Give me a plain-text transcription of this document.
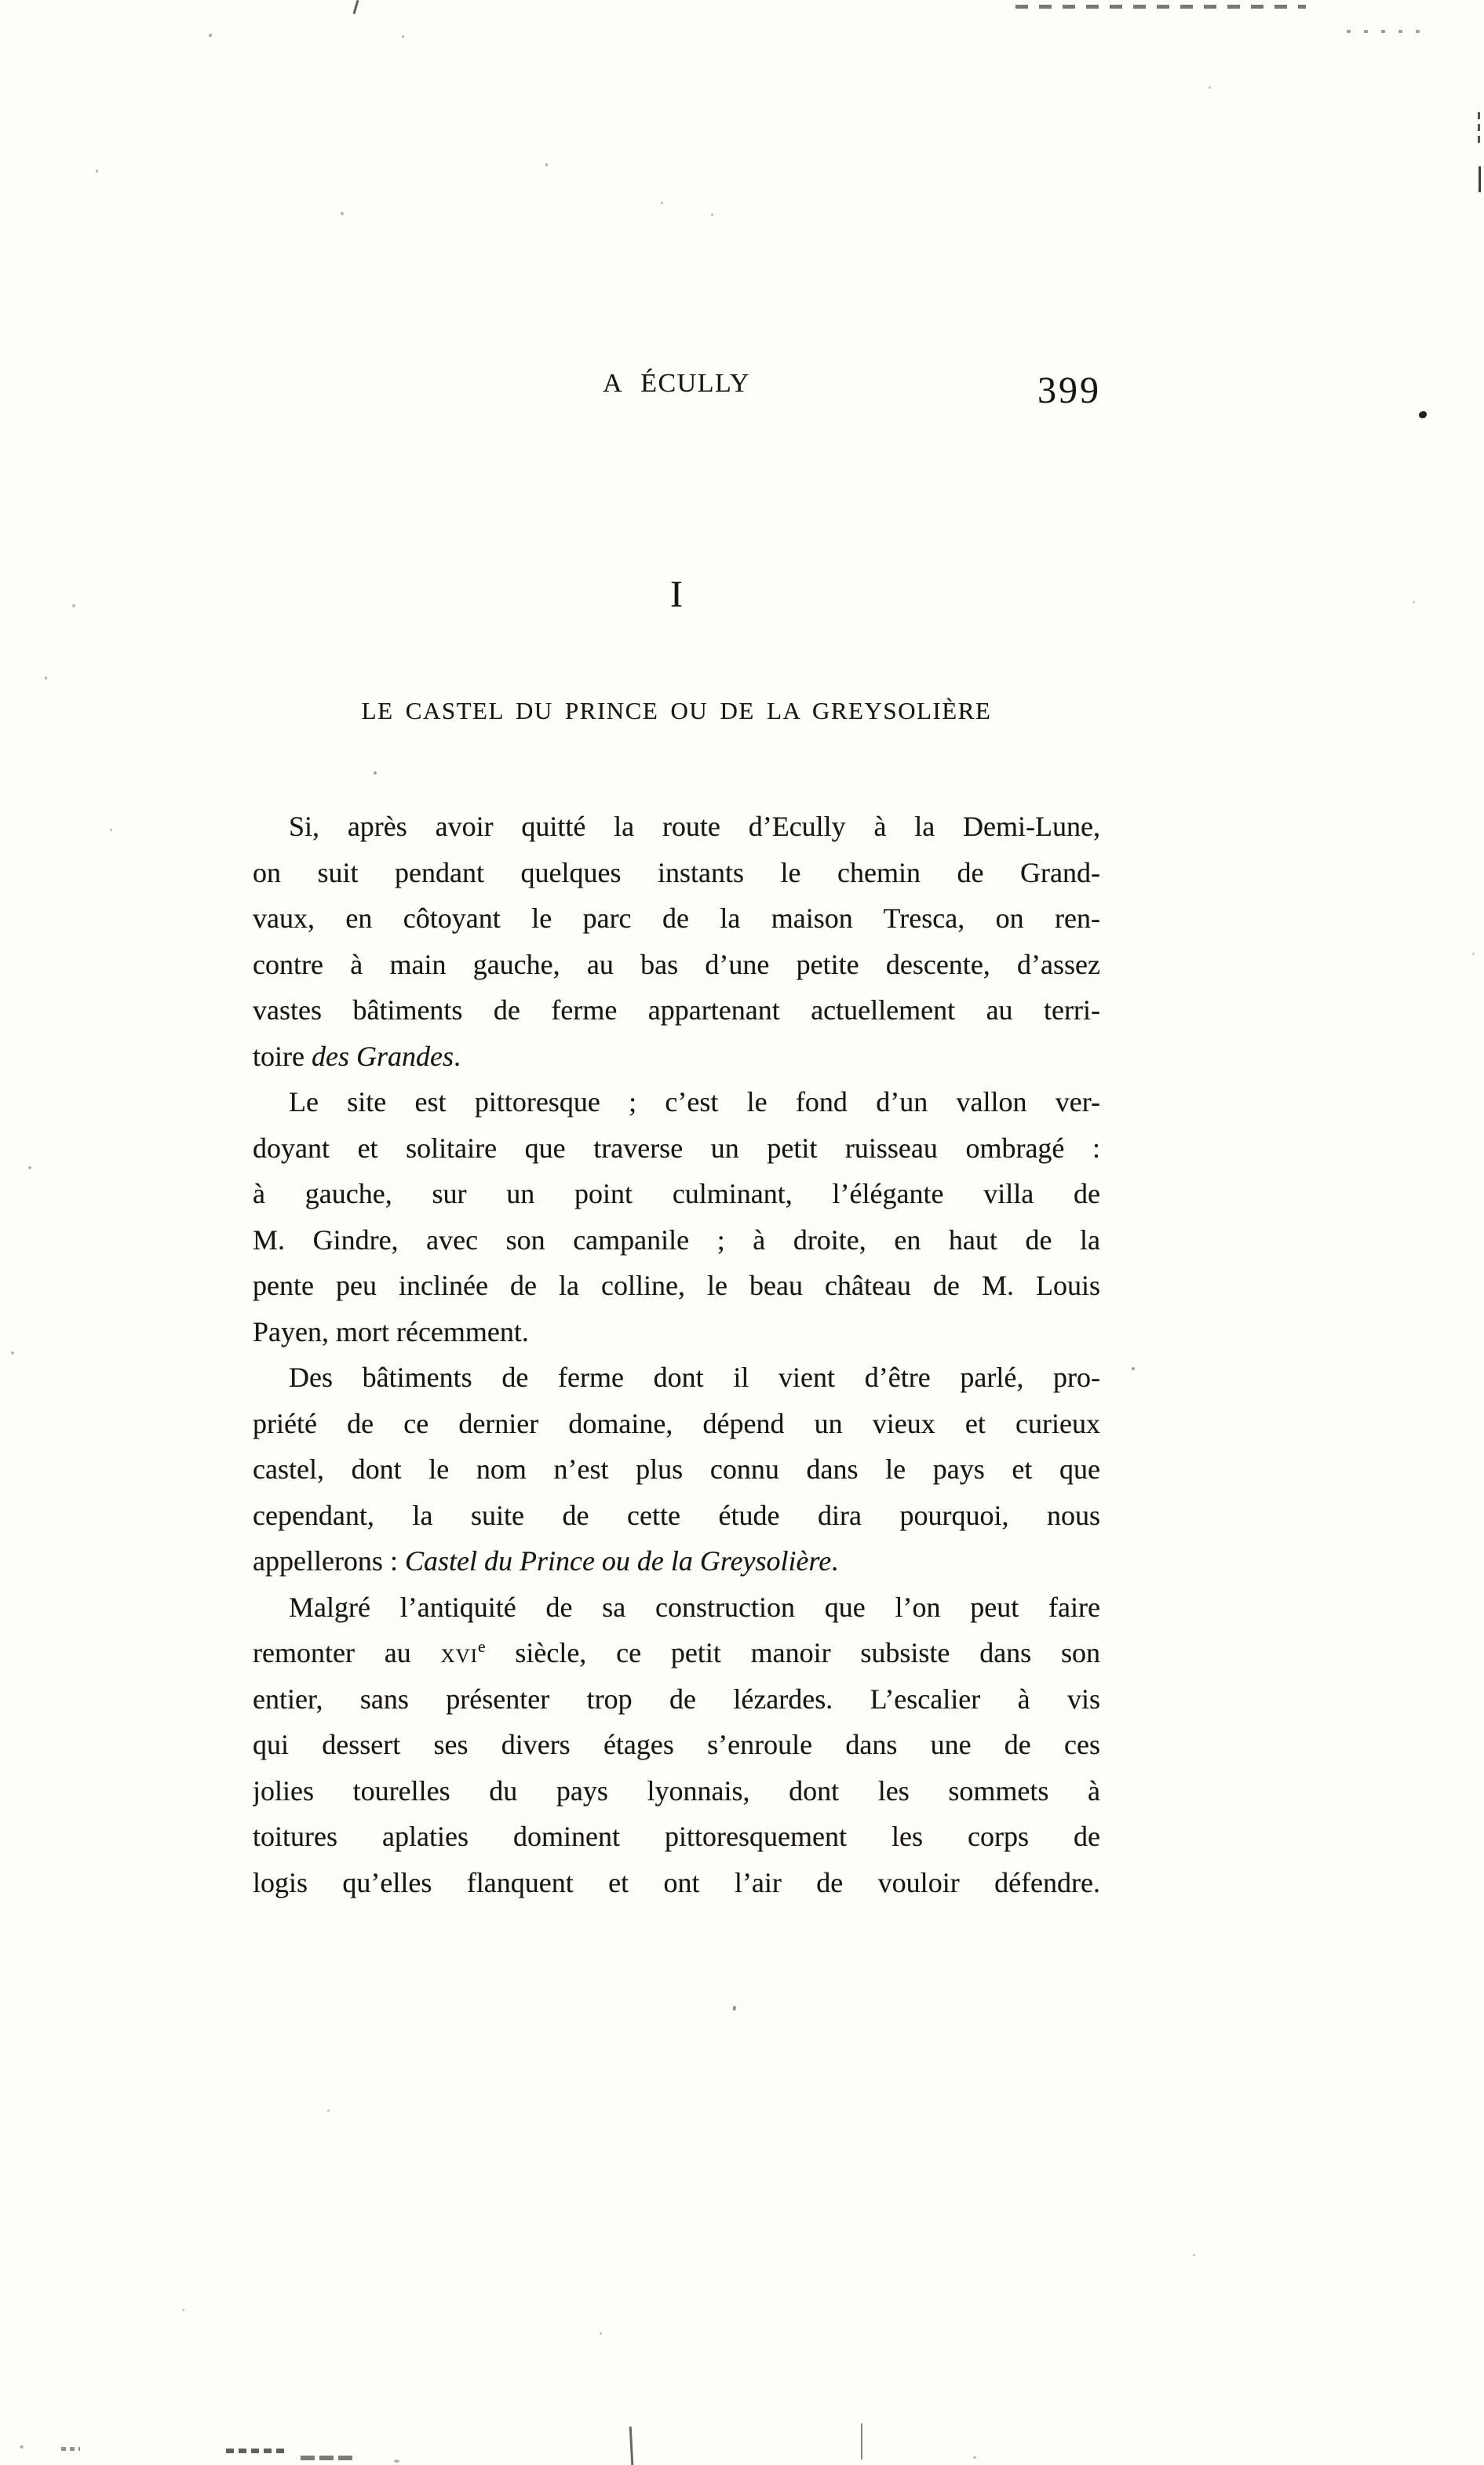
A ÉCULLY	399
I
LE CASTEL DU PRINCE OU DE LA GREYSOLIÈRE
Si, après avoir quitté la route d’Ecully à la Demi-Lune,
on suit pendant quelques instants le chemin de Grand-
vaux, en côtoyant le parc de la maison Tresca, on ren-
contre à main gauche, au bas d’une petite descente, d’assez
vastes bâtiments de ferme appartenant actuellement au terri-
toire des Grandes.
Le site est pittoresque ; c’est le fond d’un vallon ver-
doyant et solitaire que traverse un petit ruisseau ombragé :
à gauche, sur un point culminant, l’élégante villa de
M. Gindre, avec son campanile ; à droite, en haut de la
pente peu inclinée de la colline, le beau château de M. Louis
Payen, mort récemment.
Des bâtiments de ferme dont il vient d’être parlé, pro-
priété de ce dernier domaine, dépend un vieux et curieux
castel, dont le nom n’est plus connu dans le pays et que
cependant, la suite de cette étude dira pourquoi, nous
appellerons : Castel du Prince ou de la Greysolière.
Malgré l’antiquité de sa construction que l’on peut faire
remonter au xvi$^e$ siècle, ce petit manoir subsiste dans son
entier, sans présenter trop de lézardes. L’escalier à vis
qui dessert ses divers étages s’enroule dans une de ces
jolies tourelles du pays lyonnais, dont les sommets à
toitures aplaties dominent pittoresquement les corps de
logis qu’elles flanquent et ont l’air de vouloir défendre.
